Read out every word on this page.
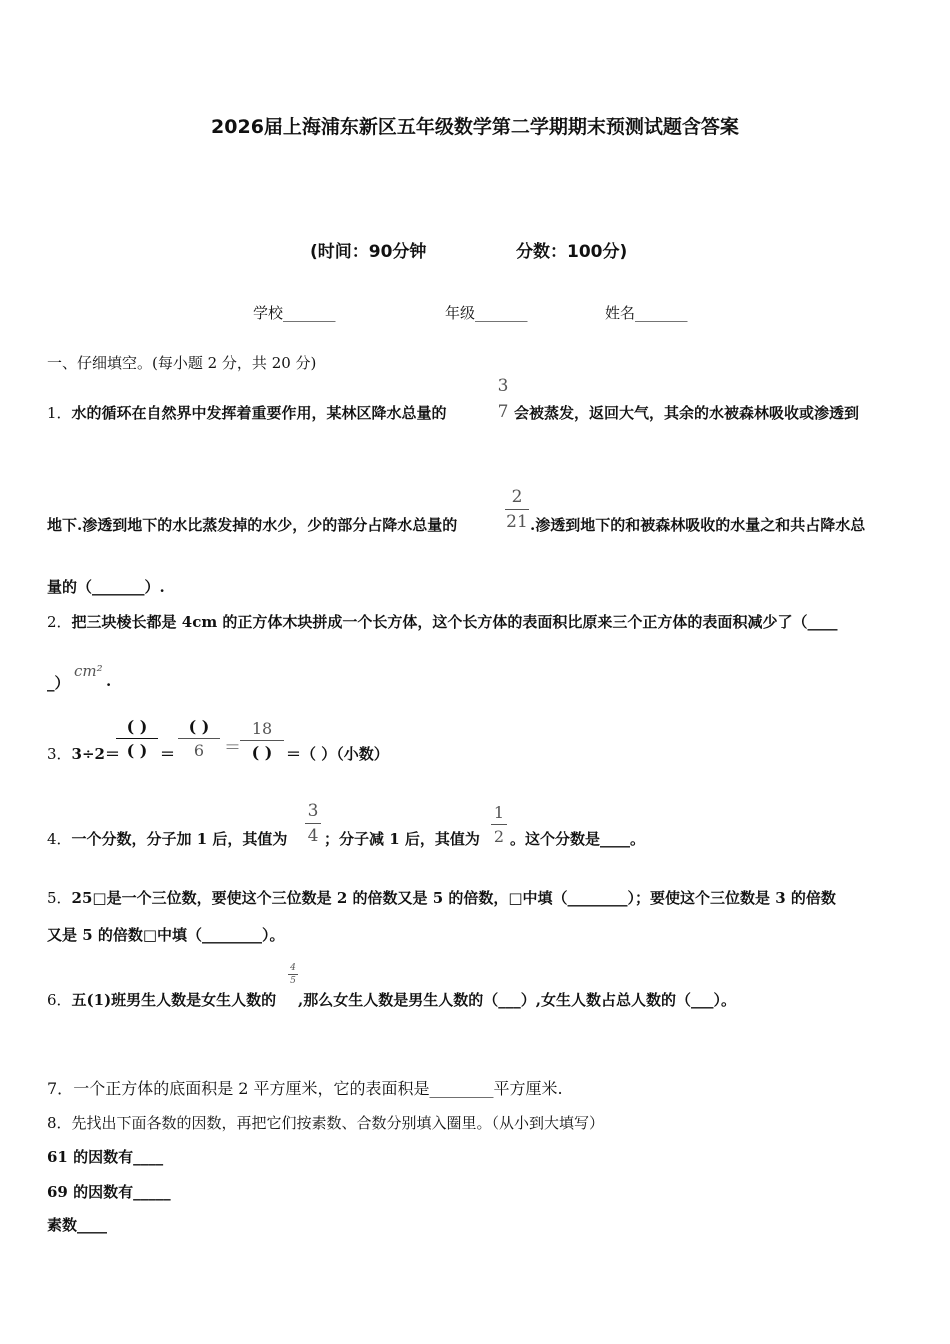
2026届上海浦东新区五年级数学第二学期期末预测试题含答案
(时间：90分钟	分数：100分)
学校_______	年级_______	姓名_______
一、仔细填空。(每小题 2 分，共 20 分)
1．水的循环在自然界中发挥着重要作用，某林区降水总量的
3
7 会被蒸发，返回大气，其余的水被森林吸收或渗透到
地下.渗透到地下的水比蒸发掉的水少，少的部分占降水总量的
2
21 .渗透到地下的和被森林吸收的水量之和共占降水总
量的（_______）.
2．把三块棱长都是 4cm 的正方体木块拼成一个长方体，这个长方体的表面积比原来三个正方体的表面积减少了（____
_）
cm²
.
3．3÷2＝
( )
( ) ＝
( )
6	＝
18
( ) ＝（ ）（小数）
4．一个分数，分子加 1 后，其值为
3
4 ；分子减 1 后，其值为
1
2 。这个分数是____。
5．25□是一个三位数，要使这个三位数是 2 的倍数又是 5 的倍数，□中填（________）；要使这个三位数是 3 的倍数
又是 5 的倍数□中填（________）。
6．五(1)班男生人数是女生人数的
4
5
,那么女生人数是男生人数的（___）,女生人数占总人数的（___）。
7．一个正方体的底面积是 2 平方厘米，它的表面积是________平方厘米.
8．先找出下面各数的因数，再把它们按素数、合数分别填入圈里。（从小到大填写）
61 的因数有____
69 的因数有_____
素数____
